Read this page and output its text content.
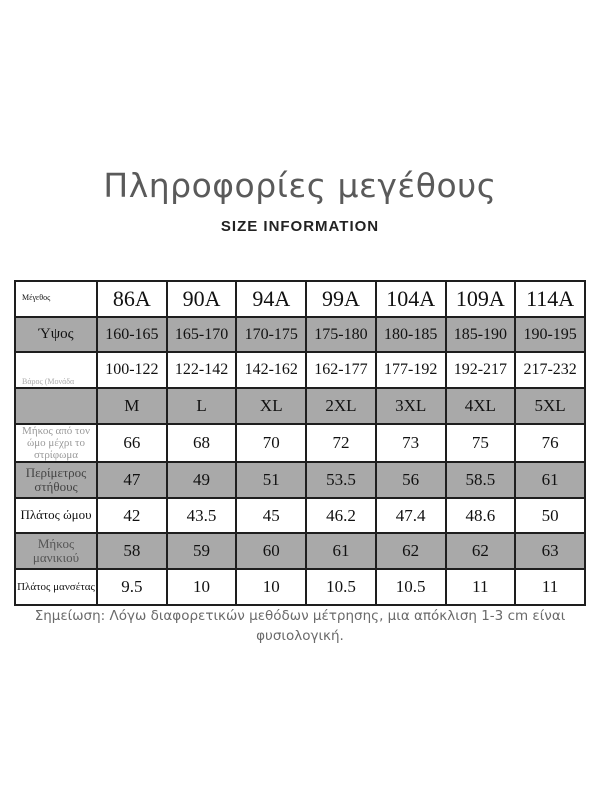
Πληροφορίες μεγέθους
SIZE INFORMATION
Μέγεθος	86A	90A	94A	99A	104A	109A	114A
Ύψος	160-165	165-170	170-175	175-180	180-185	185-190	190-195
Βάρος (Μονάδα	100-122	122-142	142-162	162-177	177-192	192-217	217-232
	M	L	XL	2XL	3XL	4XL	5XL
Μήκος από τον ώμο μέχρι το στρίφωμα	66	68	70	72	73	75	76
Περίμετρος στήθους	47	49	51	53.5	56	58.5	61
Πλάτος ώμου	42	43.5	45	46.2	47.4	48.6	50
Μήκος μανικιού	58	59	60	61	62	62	63
Πλάτος μανσέτας	9.5	10	10	10.5	10.5	11	11
Σημείωση: Λόγω διαφορετικών μεθόδων μέτρησης, μια απόκλιση 1-3 cm είναι φυσιολογική.
